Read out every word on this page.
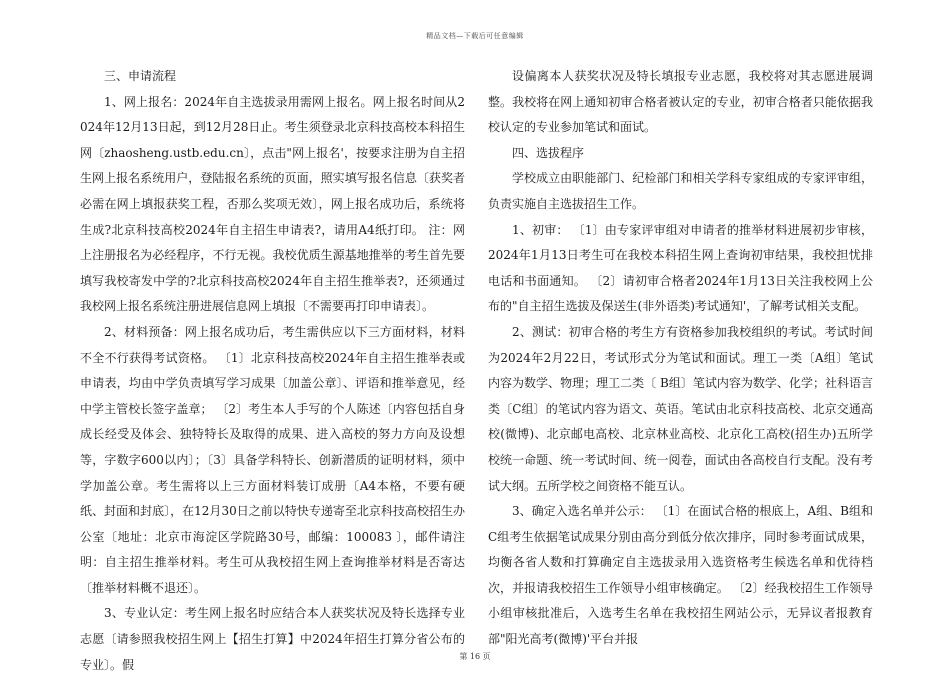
精品文档—下载后可任意编辑

三、申请流程

1、网上报名：2024年自主选拔录用需网上报名。网上报名时间从2024年12月13日起，到12月28日止。考生须登录北京科技高校本科招生网〔zhaosheng.ustb.edu.cn〕，点击"网上报名'，按要求注册为自主招生网上报名系统用户，登陆报名系统的页面，照实填写报名信息〔获奖者必需在网上填报获奖工程，否那么奖项无效〕，网上报名成功后，系统将生成?北京科技高校2024年自主招生申请表?，请用A4纸打印。 注：网上注册报名为必经程序，不行无视。我校优质生源基地推举的考生首先要填写我校寄发中学的?北京科技高校2024年自主招生推举表?，还须通过我校网上报名系统注册进展信息网上填报〔不需要再打印申请表〕。

2、材料预备：网上报名成功后，考生需供应以下三方面材料，材料不全不行获得考试资格。 〔1〕北京科技高校2024年自主招生推举表或申请表，均由中学负责填写学习成果〔加盖公章〕、评语和推举意见，经中学主管校长签字盖章； 〔2〕考生本人手写的个人陈述〔内容包括自身成长经受及体会、独特特长及取得的成果、进入高校的努力方向及设想等，字数字600以内〕；〔3〕具备学科特长、创新潜质的证明材料，须中学加盖公章。考生需将以上三方面材料装订成册〔A4本格，不要有硬纸、封面和封底〕，在12月30日之前以特快专递寄至北京科技高校招生办公室〔地址：北京市海淀区学院路30号，邮编：100083 〕，邮件请注明：自主招生推举材料。考生可从我校招生网上查询推举材料是否寄达〔推举材料概不退还〕。

3、专业认定：考生网上报名时应结合本人获奖状况及特长选择专业志愿〔请参照我校招生网上【招生打算】中2024年招生打算分省公布的专业〕。假

设偏离本人获奖状况及特长填报专业志愿，我校将对其志愿进展调整。我校将在网上通知初审合格者被认定的专业，初审合格者只能依据我校认定的专业参加笔试和面试。

四、选拔程序

学校成立由职能部门、纪检部门和相关学科专家组成的专家评审组，负责实施自主选拔招生工作。

1、初审： 〔1〕由专家评审组对申请者的推举材料进展初步审核，2024年1月13日考生可在我校本科招生网上查询初审结果，我校担忧排电话和书面通知。 〔2〕请初审合格者2024年1月13日关注我校网上公布的"自主招生选拔及保送生(非外语类)考试通知'，了解考试相关支配。

2、测试：初审合格的考生方有资格参加我校组织的考试。考试时间为2024年2月22日，考试形式分为笔试和面试。理工一类〔A组〕笔试内容为数学、物理；理工二类〔 B组〕笔试内容为数学、化学；社科语言类〔C组〕的笔试内容为语文、英语。笔试由北京科技高校、北京交通高校(微博)、北京邮电高校、北京林业高校、北京化工高校(招生办)五所学校统一命题、统一考试时间、统一阅卷，面试由各高校自行支配。没有考试大纲。五所学校之间资格不能互认。

3、确定入选名单并公示： 〔1〕在面试合格的根底上，A组、B组和C组考生依据笔试成果分别由高分到低分依次排序，同时参考面试成果，均衡各省人数和打算确定自主选拔录用入选资格考生候选名单和优待档次，并报请我校招生工作领导小组审核确定。 〔2〕经我校招生工作领导小组审核批准后，入选考生名单在我校招生网站公示，无异议者报教育部"阳光高考(微博)'平台并报

第 16 页
